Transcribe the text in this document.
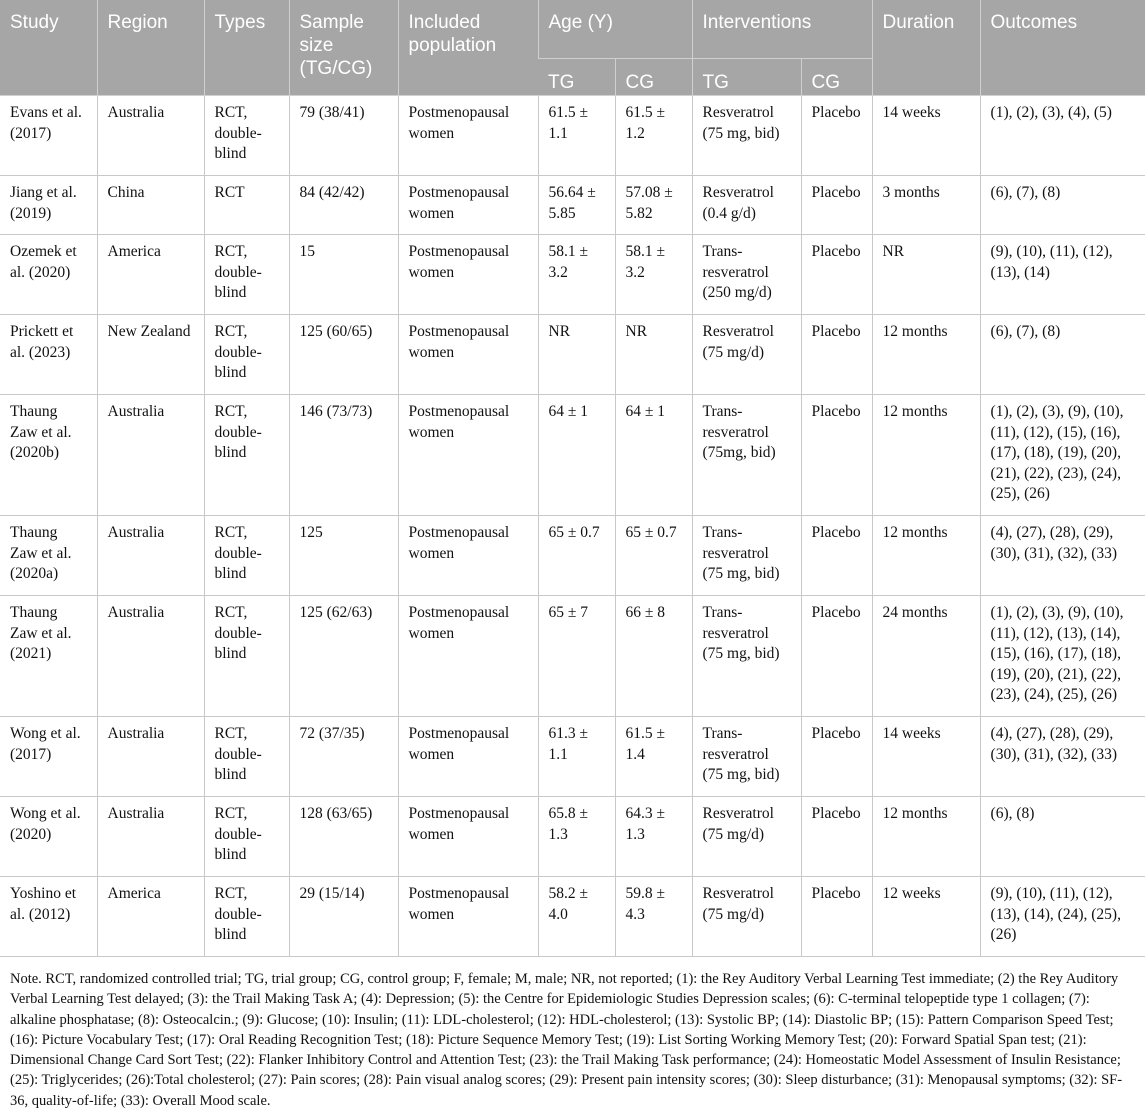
Study	Region	Types	Sample size (TG/CG)	Included population	Age (Y)		Interventions		Duration	Outcomes
					TG	CG	TG	CG		
Evans et al. (2017)	Australia	RCT, double-blind	79 (38/41)	Postmenopausal women	61.5 ± 1.1	61.5 ± 1.2	Resveratrol (75 mg, bid)	Placebo	14 weeks	(1), (2), (3), (4), (5)
Jiang et al. (2019)	China	RCT	84 (42/42)	Postmenopausal women	56.64 ± 5.85	57.08 ± 5.82	Resveratrol (0.4 g/d)	Placebo	3 months	(6), (7), (8)
Ozemek et al. (2020)	America	RCT, double-blind	15	Postmenopausal women	58.1 ± 3.2	58.1 ± 3.2	Trans-resveratrol (250 mg/d)	Placebo	NR	(9), (10), (11), (12), (13), (14)
Prickett et al. (2023)	New Zealand	RCT, double-blind	125 (60/65)	Postmenopausal women	NR	NR	Resveratrol (75 mg/d)	Placebo	12 months	(6), (7), (8)
Thaung Zaw et al. (2020b)	Australia	RCT, double-blind	146 (73/73)	Postmenopausal women	64 ± 1	64 ± 1	Trans-resveratrol (75mg, bid)	Placebo	12 months	(1), (2), (3), (9), (10), (11), (12), (15), (16), (17), (18), (19), (20), (21), (22), (23), (24), (25), (26)
Thaung Zaw et al. (2020a)	Australia	RCT, double-blind	125	Postmenopausal women	65 ± 0.7	65 ± 0.7	Trans-resveratrol (75 mg, bid)	Placebo	12 months	(4), (27), (28), (29), (30), (31), (32), (33)
Thaung Zaw et al. (2021)	Australia	RCT, double-blind	125 (62/63)	Postmenopausal women	65 ± 7	66 ± 8	Trans-resveratrol (75 mg, bid)	Placebo	24 months	(1), (2), (3), (9), (10), (11), (12), (13), (14), (15), (16), (17), (18), (19), (20), (21), (22), (23), (24), (25), (26)
Wong et al. (2017)	Australia	RCT, double-blind	72 (37/35)	Postmenopausal women	61.3 ± 1.1	61.5 ± 1.4	Trans-resveratrol (75 mg, bid)	Placebo	14 weeks	(4), (27), (28), (29), (30), (31), (32), (33)
Wong et al. (2020)	Australia	RCT, double-blind	128 (63/65)	Postmenopausal women	65.8 ± 1.3	64.3 ± 1.3	Resveratrol (75 mg/d)	Placebo	12 months	(6), (8)
Yoshino et al. (2012)	America	RCT, double-blind	29 (15/14)	Postmenopausal women	58.2 ± 4.0	59.8 ± 4.3	Resveratrol (75 mg/d)	Placebo	12 weeks	(9), (10), (11), (12), (13), (14), (24), (25), (26)
Note. RCT, randomized controlled trial; TG, trial group; CG, control group; F, female; M, male; NR, not reported; (1): the Rey Auditory Verbal Learning Test immediate; (2) the Rey Auditory Verbal Learning Test delayed; (3): the Trail Making Task A; (4): Depression; (5): the Centre for Epidemiologic Studies Depression scales; (6): C-terminal telopeptide type 1 collagen; (7): alkaline phosphatase; (8): Osteocalcin.; (9): Glucose; (10): Insulin; (11): LDL-cholesterol; (12): HDL-cholesterol; (13): Systolic BP; (14): Diastolic BP; (15): Pattern Comparison Speed Test; (16): Picture Vocabulary Test; (17): Oral Reading Recognition Test; (18): Picture Sequence Memory Test; (19): List Sorting Working Memory Test; (20): Forward Spatial Span test; (21): Dimensional Change Card Sort Test; (22): Flanker Inhibitory Control and Attention Test; (23): the Trail Making Task performance; (24): Homeostatic Model Assessment of Insulin Resistance; (25): Triglycerides; (26):Total cholesterol; (27): Pain scores; (28): Pain visual analog scores; (29): Present pain intensity scores; (30): Sleep disturbance; (31): Menopausal symptoms; (32): SF-36, quality-of-life; (33): Overall Mood scale.
